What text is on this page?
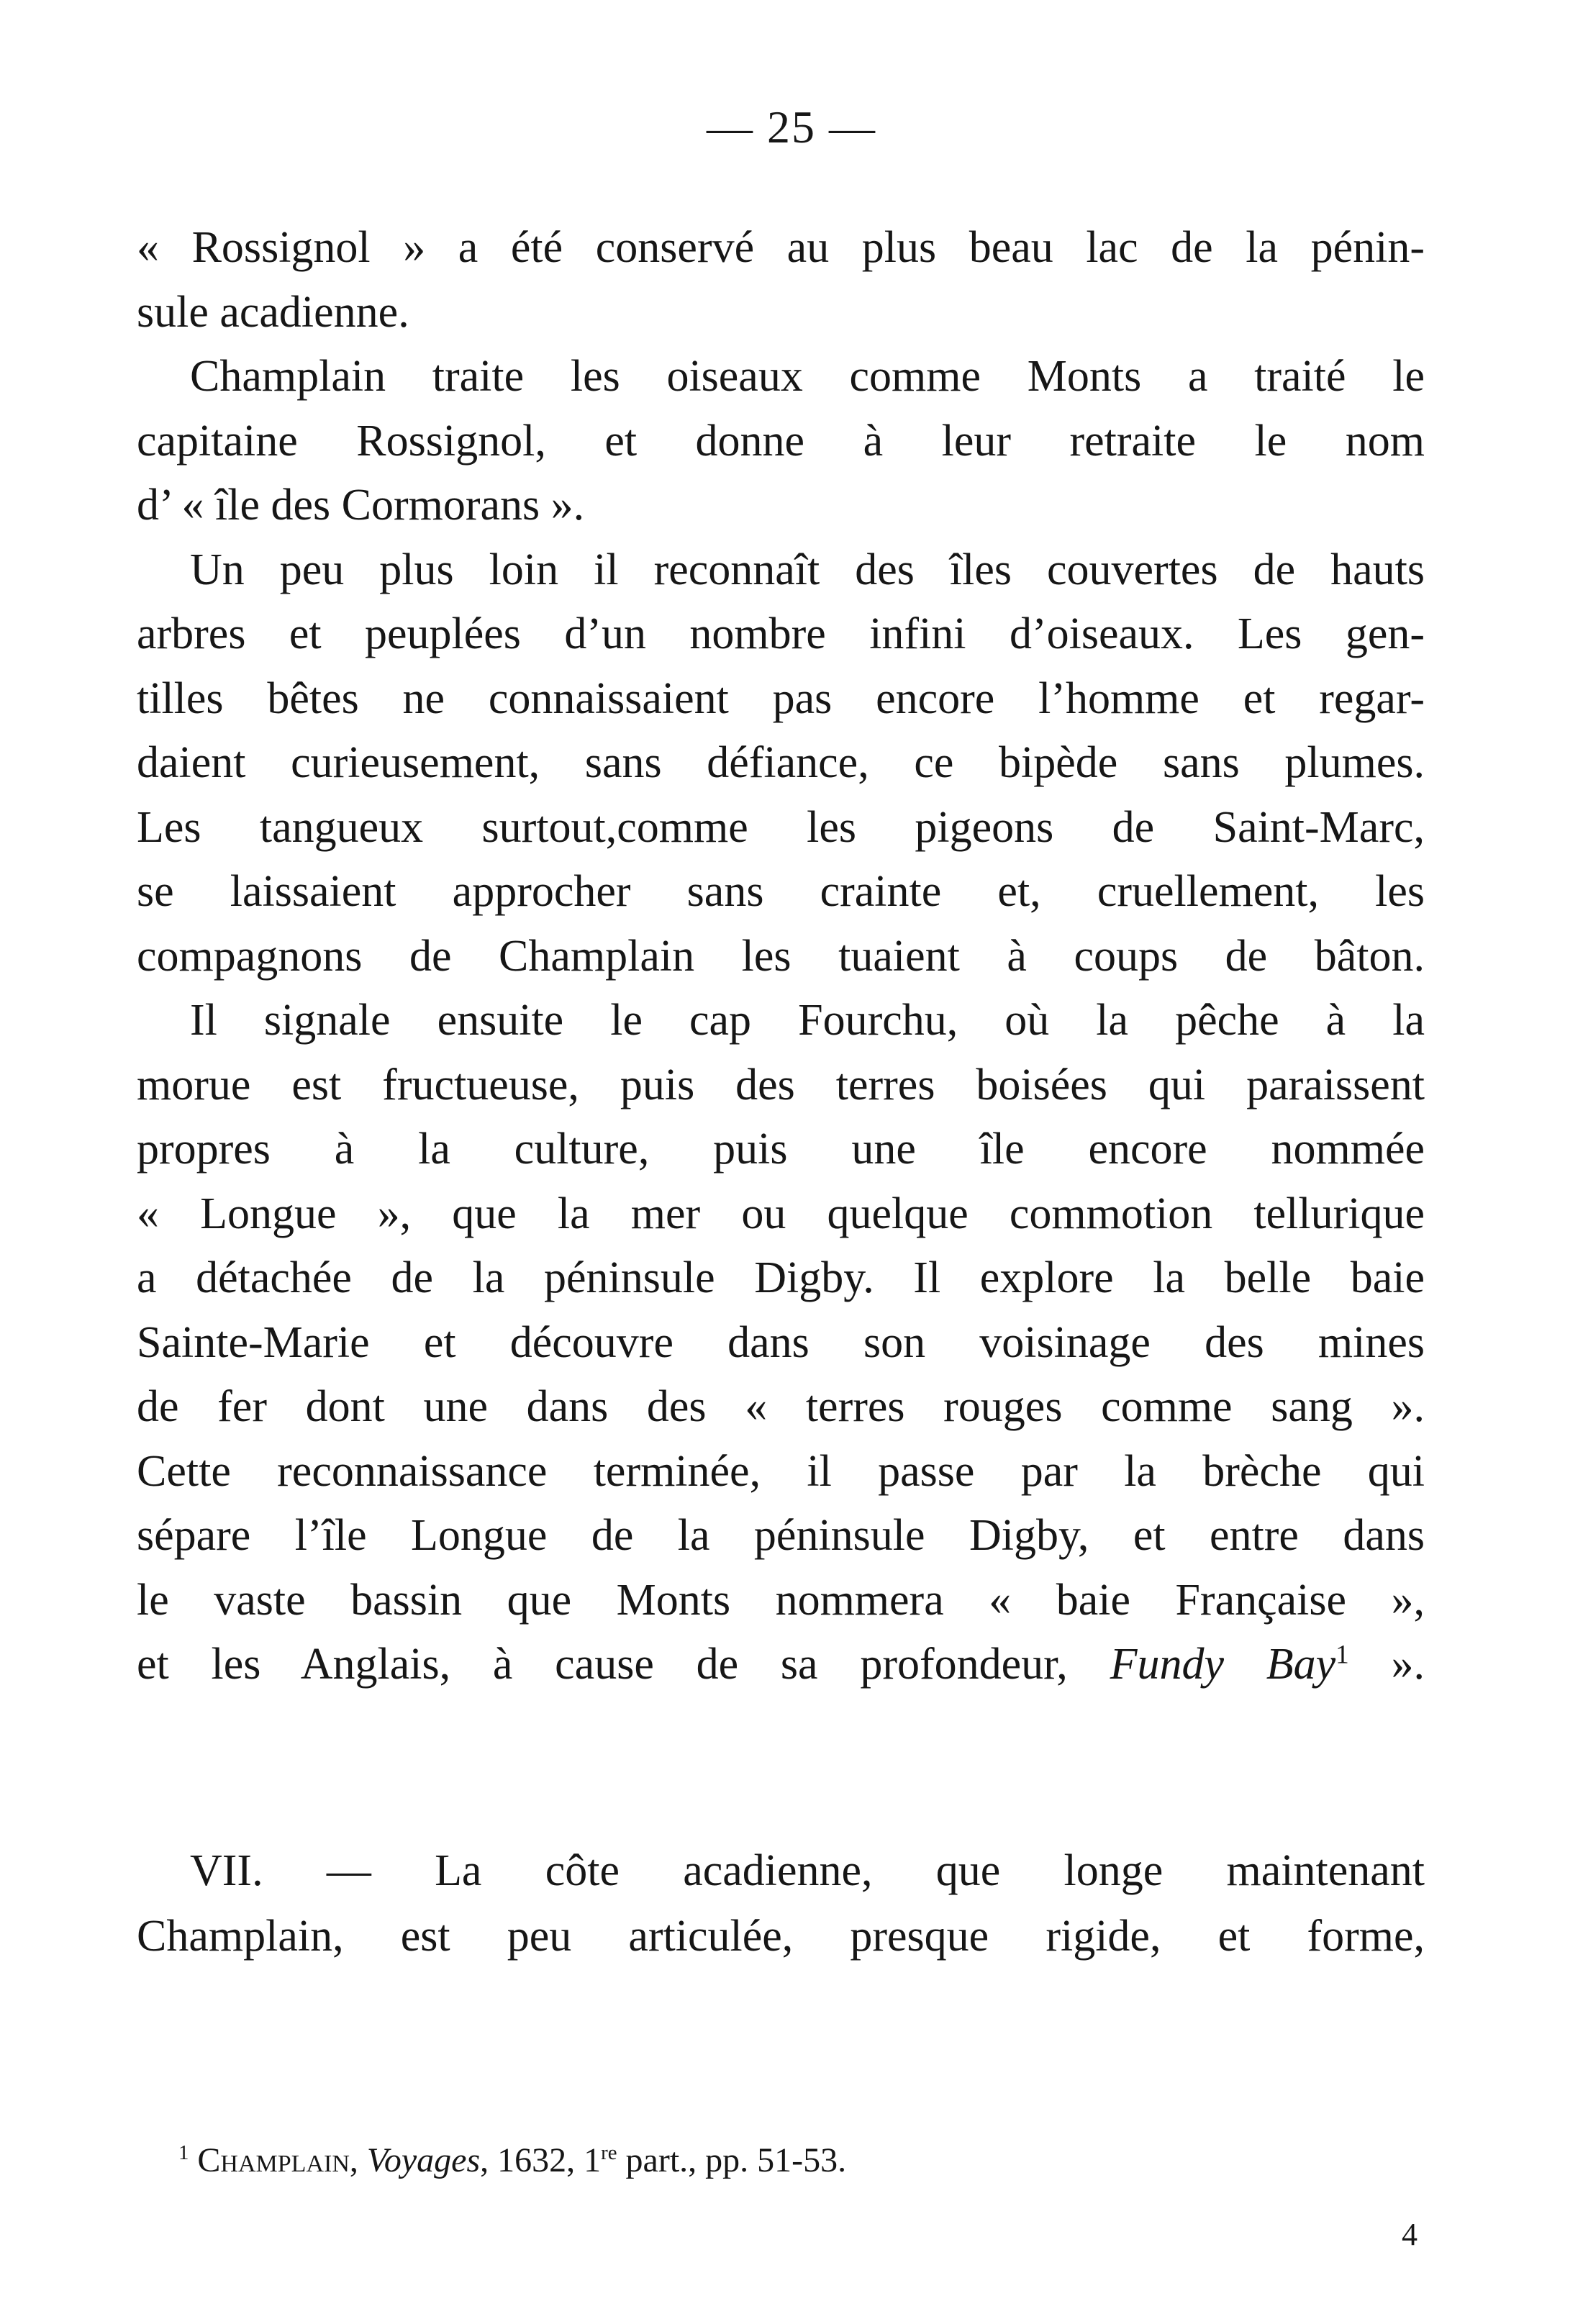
— 25 —
« Rossignol » a été conservé au plus beau lac de la pénin-
sule acadienne.
Champlain traite les oiseaux comme Monts a traité le
capitaine Rossignol, et donne à leur retraite le nom
d’ « île des Cormorans ».
Un peu plus loin il reconnaît des îles couvertes de hauts
arbres et peuplées d’un nombre infini d’oiseaux. Les gen-
tilles bêtes ne connaissaient pas encore l’homme et regar-
daient curieusement, sans défiance, ce bipède sans plumes.
Les tangueux surtout,comme les pigeons de Saint-Marc,
se laissaient approcher sans crainte et, cruellement, les
compagnons de Champlain les tuaient à coups de bâton.
Il signale ensuite le cap Fourchu, où la pêche à la
morue est fructueuse, puis des terres boisées qui paraissent
propres à la culture, puis une île encore nommée
« Longue », que la mer ou quelque commotion tellurique
a détachée de la péninsule Digby. Il explore la belle baie
Sainte-Marie et découvre dans son voisinage des mines
de fer dont une dans des « terres rouges comme sang ».
Cette reconnaissance terminée, il passe par la brèche qui
sépare l’île Longue de la péninsule Digby, et entre dans
le vaste bassin que Monts nommera « baie Française »,
et les Anglais, à cause de sa profondeur, Fundy Bay$^1$ ».
VII. — La côte acadienne, que longe maintenant
Champlain, est peu articulée, presque rigide, et forme,
$^1$ Champlain, Voyages, 1632, 1re part., pp. 51-53.
4
